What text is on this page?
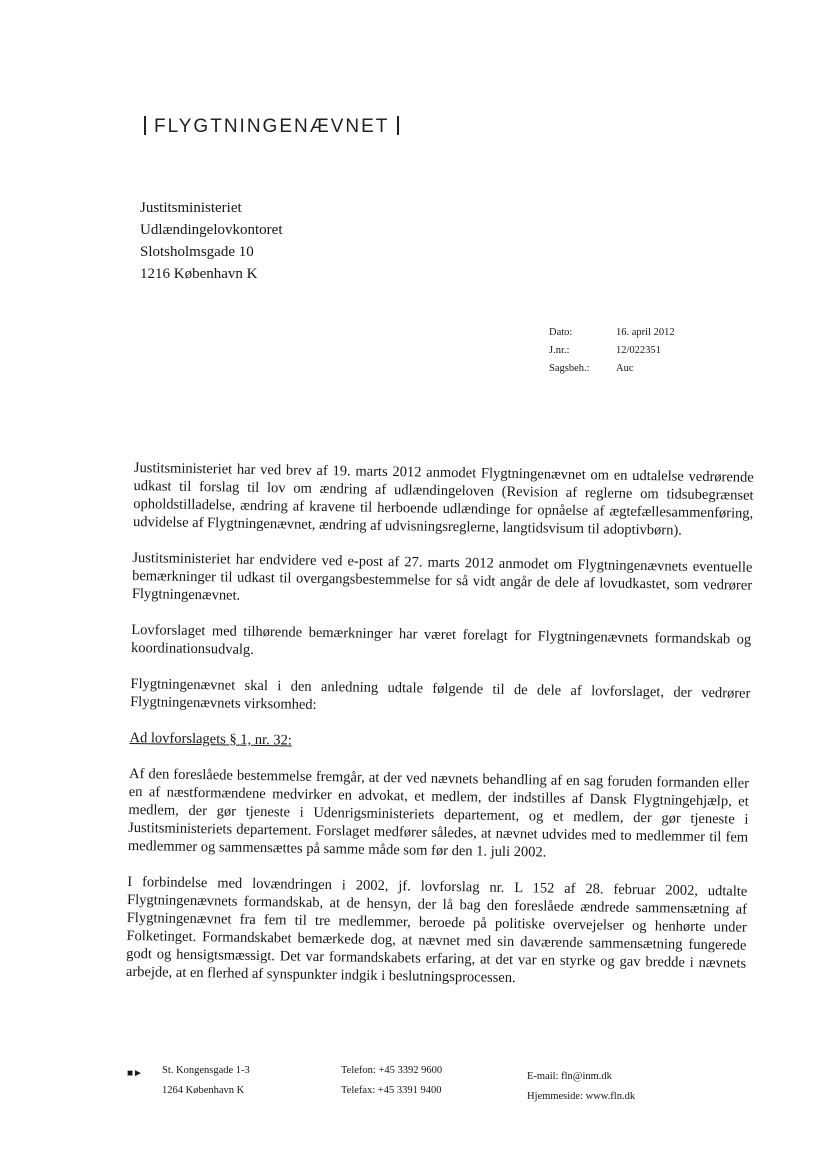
FLYGTNINGENÆVNET
Justitsministeriet
Udlændingelovkontoret
Slotsholmsgade 10
1216 København K
Dato:	16. april 2012
J.nr.:	12/022351
Sagsbeh.:	Auc

Justitsministeriet har ved brev af 19. marts 2012 anmodet Flygtningenævnet om en udtalelse vedrørende udkast til forslag til lov om ændring af udlændingeloven (Revision af reglerne om tidsubegrænset opholdstilladelse, ændring af kravene til herboende udlændinge for opnåelse af ægtefællesammenføring, udvidelse af Flygtningenævnet, ændring af udvisningsreglerne, langtidsvisum til adoptivbørn).

Justitsministeriet har endvidere ved e-post af 27. marts 2012 anmodet om Flygtningenævnets eventuelle bemærkninger til udkast til overgangsbestemmelse for så vidt angår de dele af lovudkastet, som vedrører Flygtningenævnet.

Lovforslaget med tilhørende bemærkninger har været forelagt for Flygtningenævnets formandskab og koordinationsudvalg.

Flygtningenævnet skal i den anledning udtale følgende til de dele af lovforslaget, der vedrører Flygtningenævnets virksomhed:

Ad lovforslagets § 1, nr. 32:

Af den foreslåede bestemmelse fremgår, at der ved nævnets behandling af en sag foruden formanden eller en af næstformændene medvirker en advokat, et medlem, der indstilles af Dansk Flygtningehjælp, et medlem, der gør tjeneste i Udenrigsministeriets departement, og et medlem, der gør tjeneste i Justitsministeriets departement. Forslaget medfører således, at nævnet udvides med to medlemmer til fem medlemmer og sammensættes på samme måde som før den 1. juli 2002.

I forbindelse med lovændringen i 2002, jf. lovforslag nr. L 152 af 28. februar 2002, udtalte Flygtningenævnets formandskab, at de hensyn, der lå bag den foreslåede ændrede sammensætning af Flygtningenævnet fra fem til tre medlemmer, beroede på politiske overvejelser og henhørte under Folketinget. Formandskabet bemærkede dog, at nævnet med sin daværende sammensætning fungerede godt og hensigtsmæssigt. Det var formandskabets erfaring, at det var en styrke og gav bredde i nævnets arbejde, at en flerhed af synspunkter indgik i beslutningsprocessen.

■► St. Kongensgade 1-3
1264 København K
Telefon: +45 3392 9600
Telefax: +45 3391 9400
E-mail: fln@inm.dk
Hjemmeside: www.fln.dk
